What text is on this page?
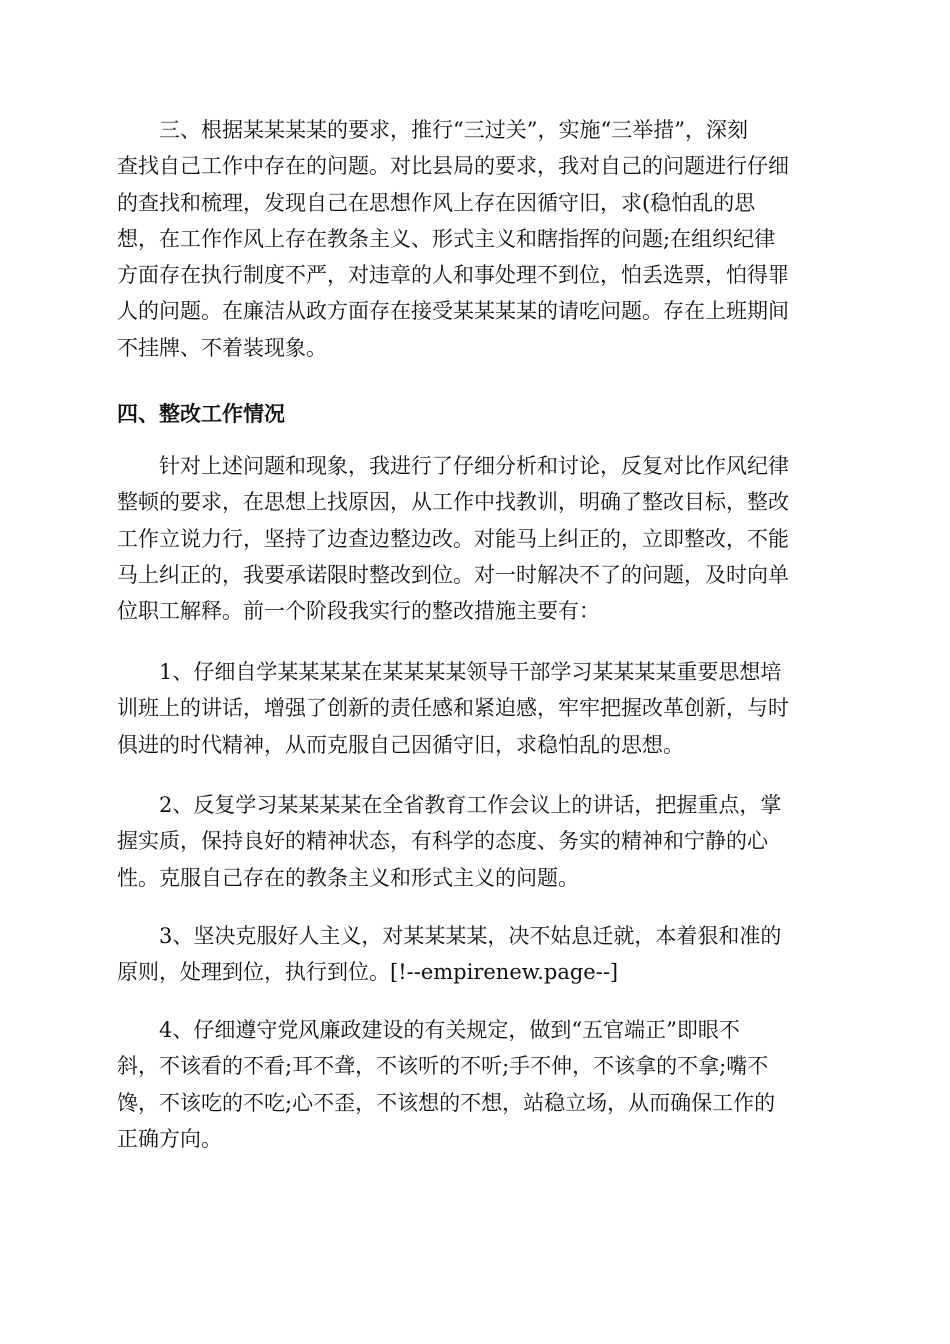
　　三、根据某某某某的要求，推行“三过关”，实施“三举措”，深刻
查找自己工作中存在的问题。对比县局的要求，我对自己的问题进行仔细
的查找和梳理，发现自己在思想作风上存在因循守旧，求(稳怕乱的思
想，在工作作风上存在教条主义、形式主义和瞎指挥的问题;在组织纪律
方面存在执行制度不严，对违章的人和事处理不到位，怕丢选票，怕得罪
人的问题。在廉洁从政方面存在接受某某某某的请吃问题。存在上班期间
不挂牌、不着装现象。
四、整改工作情况
　　针对上述问题和现象，我进行了仔细分析和讨论，反复对比作风纪律
整顿的要求，在思想上找原因，从工作中找教训，明确了整改目标，整改
工作立说力行，坚持了边查边整边改。对能马上纠正的，立即整改，不能
马上纠正的，我要承诺限时整改到位。对一时解决不了的问题，及时向单
位职工解释。前一个阶段我实行的整改措施主要有：
　　1、仔细自学某某某某在某某某某领导干部学习某某某某重要思想培
训班上的讲话，增强了创新的责任感和紧迫感，牢牢把握改革创新，与时
俱进的时代精神，从而克服自己因循守旧，求稳怕乱的思想。
　　2、反复学习某某某某在全省教育工作会议上的讲话，把握重点，掌
握实质，保持良好的精神状态，有科学的态度、务实的精神和宁静的心
性。克服自己存在的教条主义和形式主义的问题。
　　3、坚决克服好人主义，对某某某某，决不姑息迁就，本着狠和准的
原则，处理到位，执行到位。[!--empirenew.page--]
　　4、仔细遵守党风廉政建设的有关规定，做到“五官端正”即眼不
斜，不该看的不看;耳不聋，不该听的不听;手不伸，不该拿的不拿;嘴不
馋，不该吃的不吃;心不歪，不该想的不想，站稳立场，从而确保工作的
正确方向。
